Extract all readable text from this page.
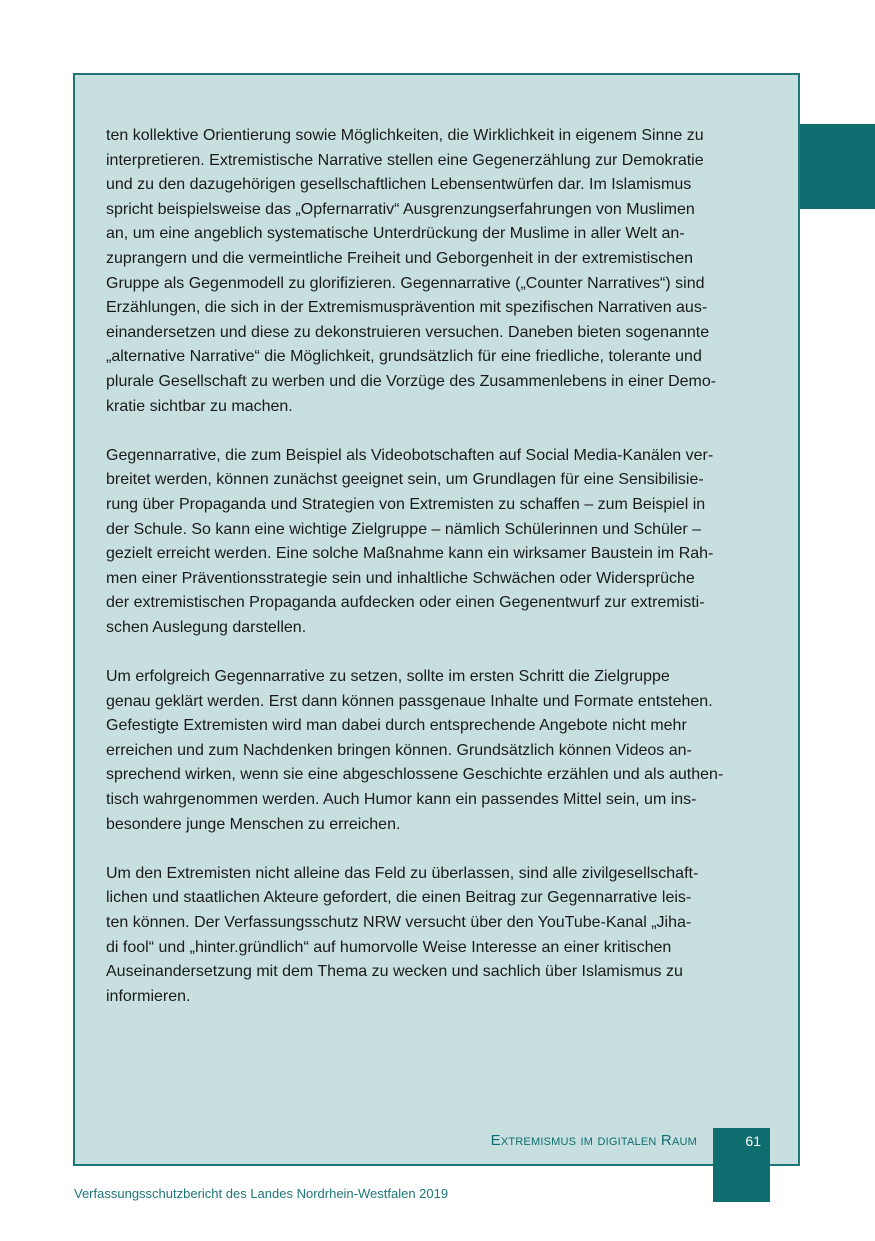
ten kollektive Orientierung sowie Möglichkeiten, die Wirklichkeit in eigenem Sinne zu
interpretieren. Extremistische Narrative stellen eine Gegenerzählung zur Demokratie
und zu den dazugehörigen gesellschaftlichen Lebensentwürfen dar. Im Islamismus
spricht beispielsweise das „Opfernarrativ“ Ausgrenzungserfahrungen von Muslimen
an, um eine angeblich systematische Unterdrückung der Muslime in aller Welt an-
zuprangern und die vermeintliche Freiheit und Geborgenheit in der extremistischen
Gruppe als Gegenmodell zu glorifizieren. Gegennarrative („Counter Narratives“) sind
Erzählungen, die sich in der Extremismusprävention mit spezifischen Narrativen aus-
einandersetzen und diese zu dekonstruieren versuchen. Daneben bieten sogenannte
„alternative Narrative“ die Möglichkeit, grundsätzlich für eine friedliche, tolerante und
plurale Gesellschaft zu werben und die Vorzüge des Zusammenlebens in einer Demo-
kratie sichtbar zu machen.

Gegennarrative, die zum Beispiel als Videobotschaften auf Social Media-Kanälen ver-
breitet werden, können zunächst geeignet sein, um Grundlagen für eine Sensibilisie-
rung über Propaganda und Strategien von Extremisten zu schaffen – zum Beispiel in
der Schule. So kann eine wichtige Zielgruppe – nämlich Schülerinnen und Schüler –
gezielt erreicht werden. Eine solche Maßnahme kann ein wirksamer Baustein im Rah-
men einer Präventionsstrategie sein und inhaltliche Schwächen oder Widersprüche
der extremistischen Propaganda aufdecken oder einen Gegenentwurf zur extremisti-
schen Auslegung darstellen.

Um erfolgreich Gegennarrative zu setzen, sollte im ersten Schritt die Zielgruppe
genau geklärt werden. Erst dann können passgenaue Inhalte und Formate entstehen.
Gefestigte Extremisten wird man dabei durch entsprechende Angebote nicht mehr
erreichen und zum Nachdenken bringen können. Grundsätzlich können Videos an-
sprechend wirken, wenn sie eine abgeschlossene Geschichte erzählen und als authen-
tisch wahrgenommen werden. Auch Humor kann ein passendes Mittel sein, um ins-
besondere junge Menschen zu erreichen.

Um den Extremisten nicht alleine das Feld zu überlassen, sind alle zivilgesellschaft-
lichen und staatlichen Akteure gefordert, die einen Beitrag zur Gegennarrative leis-
ten können. Der Verfassungsschutz NRW versucht über den YouTube-Kanal „Jiha-
di fool“ und „hinter.gründlich“ auf humorvolle Weise Interesse an einer kritischen
Auseinandersetzung mit dem Thema zu wecken und sachlich über Islamismus zu
informieren.

Extremismus im digitalen Raum	61
Verfassungsschutzbericht des Landes Nordrhein-Westfalen 2019
